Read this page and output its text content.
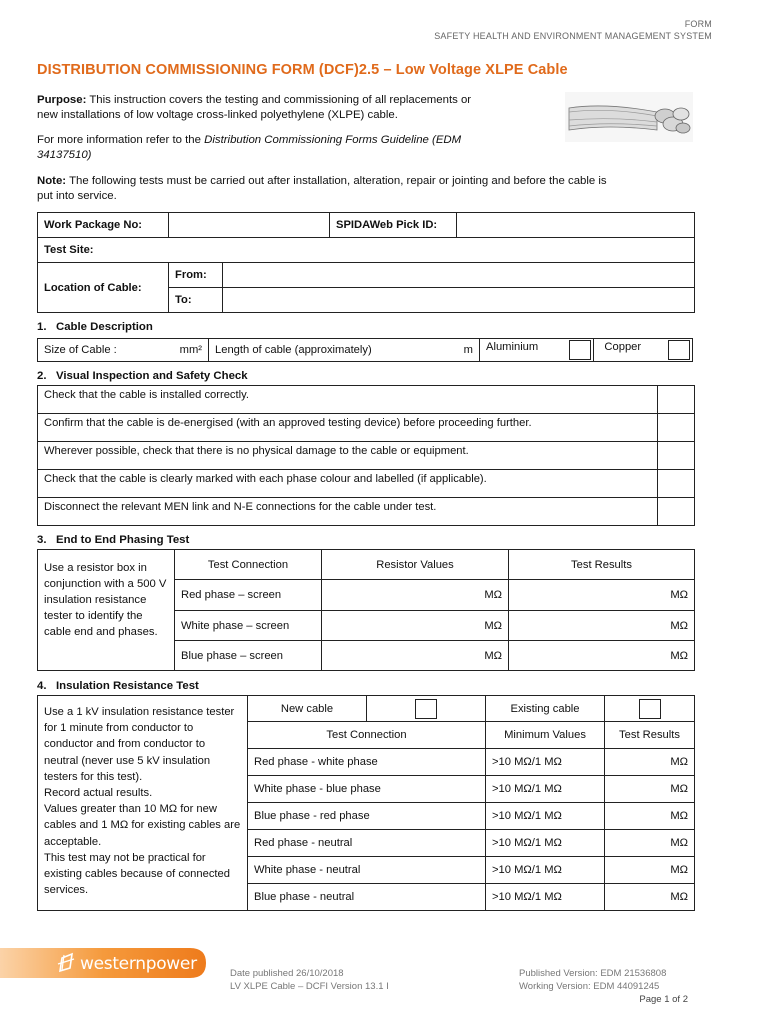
FORM
SAFETY HEALTH AND ENVIRONMENT MANAGEMENT SYSTEM
DISTRIBUTION COMMISSIONING FORM (DCF)2.5 – Low Voltage XLPE Cable
Purpose: This instruction covers the testing and commissioning of all replacements or
new installations of low voltage cross-linked polyethylene (XLPE) cable.
For more information refer to the Distribution Commissioning Forms Guideline (EDM
34137510)
Note: The following tests must be carried out after installation, alteration, repair or jointing and before the cable is
put into service.
Work Package No:		SPIDAWeb Pick ID:	
Test Site:
Location of Cable:	From:	
	To:	
1.   Cable Description
Size of Cable :	mm²	Length of cable (approximately)	m	Aluminium	Copper
2.   Visual Inspection and Safety Check
Check that the cable is installed correctly.	
Confirm that the cable is de-energised (with an approved testing device) before proceeding further.	
Wherever possible, check that there is no physical damage to the cable or equipment.	
Check that the cable is clearly marked with each phase colour and labelled (if applicable).	
Disconnect the relevant MEN link and N-E connections for the cable under test.	
3.   End to End Phasing Test
Use a resistor box in conjunction with a 500 V insulation resistance tester to identify the cable end and phases.	Test Connection	Resistor Values	Test Results
	Red phase – screen	MΩ	MΩ
	White phase – screen	MΩ	MΩ
	Blue phase – screen	MΩ	MΩ
4.   Insulation Resistance Test
Use a 1 kV insulation resistance tester for 1 minute from conductor to conductor and from conductor to neutral (never use 5 kV insulation testers for this test).
Record actual results.
Values greater than 10 MΩ for new cables and 1 MΩ for existing cables are acceptable.
This test may not be practical for existing cables because of connected services.	New cable		Existing cable	
	Test Connection		Minimum Values	Test Results
	Red phase - white phase		>10 MΩ/1 MΩ	MΩ
	White phase - blue phase		>10 MΩ/1 MΩ	MΩ
	Blue phase - red phase		>10 MΩ/1 MΩ	MΩ
	Red phase - neutral		>10 MΩ/1 MΩ	MΩ
	White phase - neutral		>10 MΩ/1 MΩ	MΩ
	Blue phase - neutral		>10 MΩ/1 MΩ	MΩ
westernpower	Date published 26/10/2018
LV XLPE Cable – DCFI Version 13.1 I
Published Version: EDM 21536808
Working Version: EDM 44091245
Page 1 of 2
